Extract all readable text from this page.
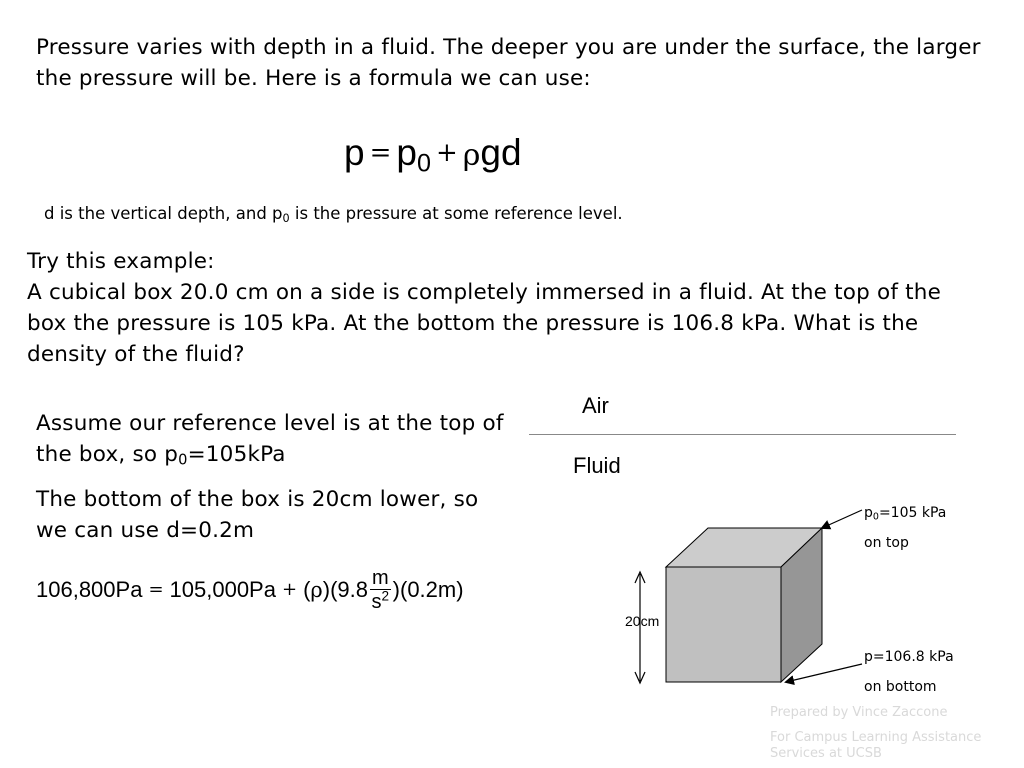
Pressure varies with depth in a fluid. The deeper you are under the surface, the larger the pressure will be. Here is a formula we can use:

$p = p_0 + \rho gd$

d is the vertical depth, and $p_0$ is the pressure at some reference level.

Try this example:

A cubical box 20.0 cm on a side is completely immersed in a fluid. At the top of the box the pressure is 105 kPa. At the bottom the pressure is 106.8 kPa. What is the density of the fluid?

Assume our reference level is at the top of the box, so $p_0=105kPa$

The bottom of the box is 20cm lower, so we can use d=0.2m

106,800Pa = 105,000Pa + (ρ) ($9.8 \frac{m}{s^2}$ ) (0.2m)
Air
Fluid
20cm
$p_0=105$ kPa
on top
p=106.8 kPa
on bottom
Prepared by Vince Zaccone
For Campus Learning Assistance Services at UCSB
